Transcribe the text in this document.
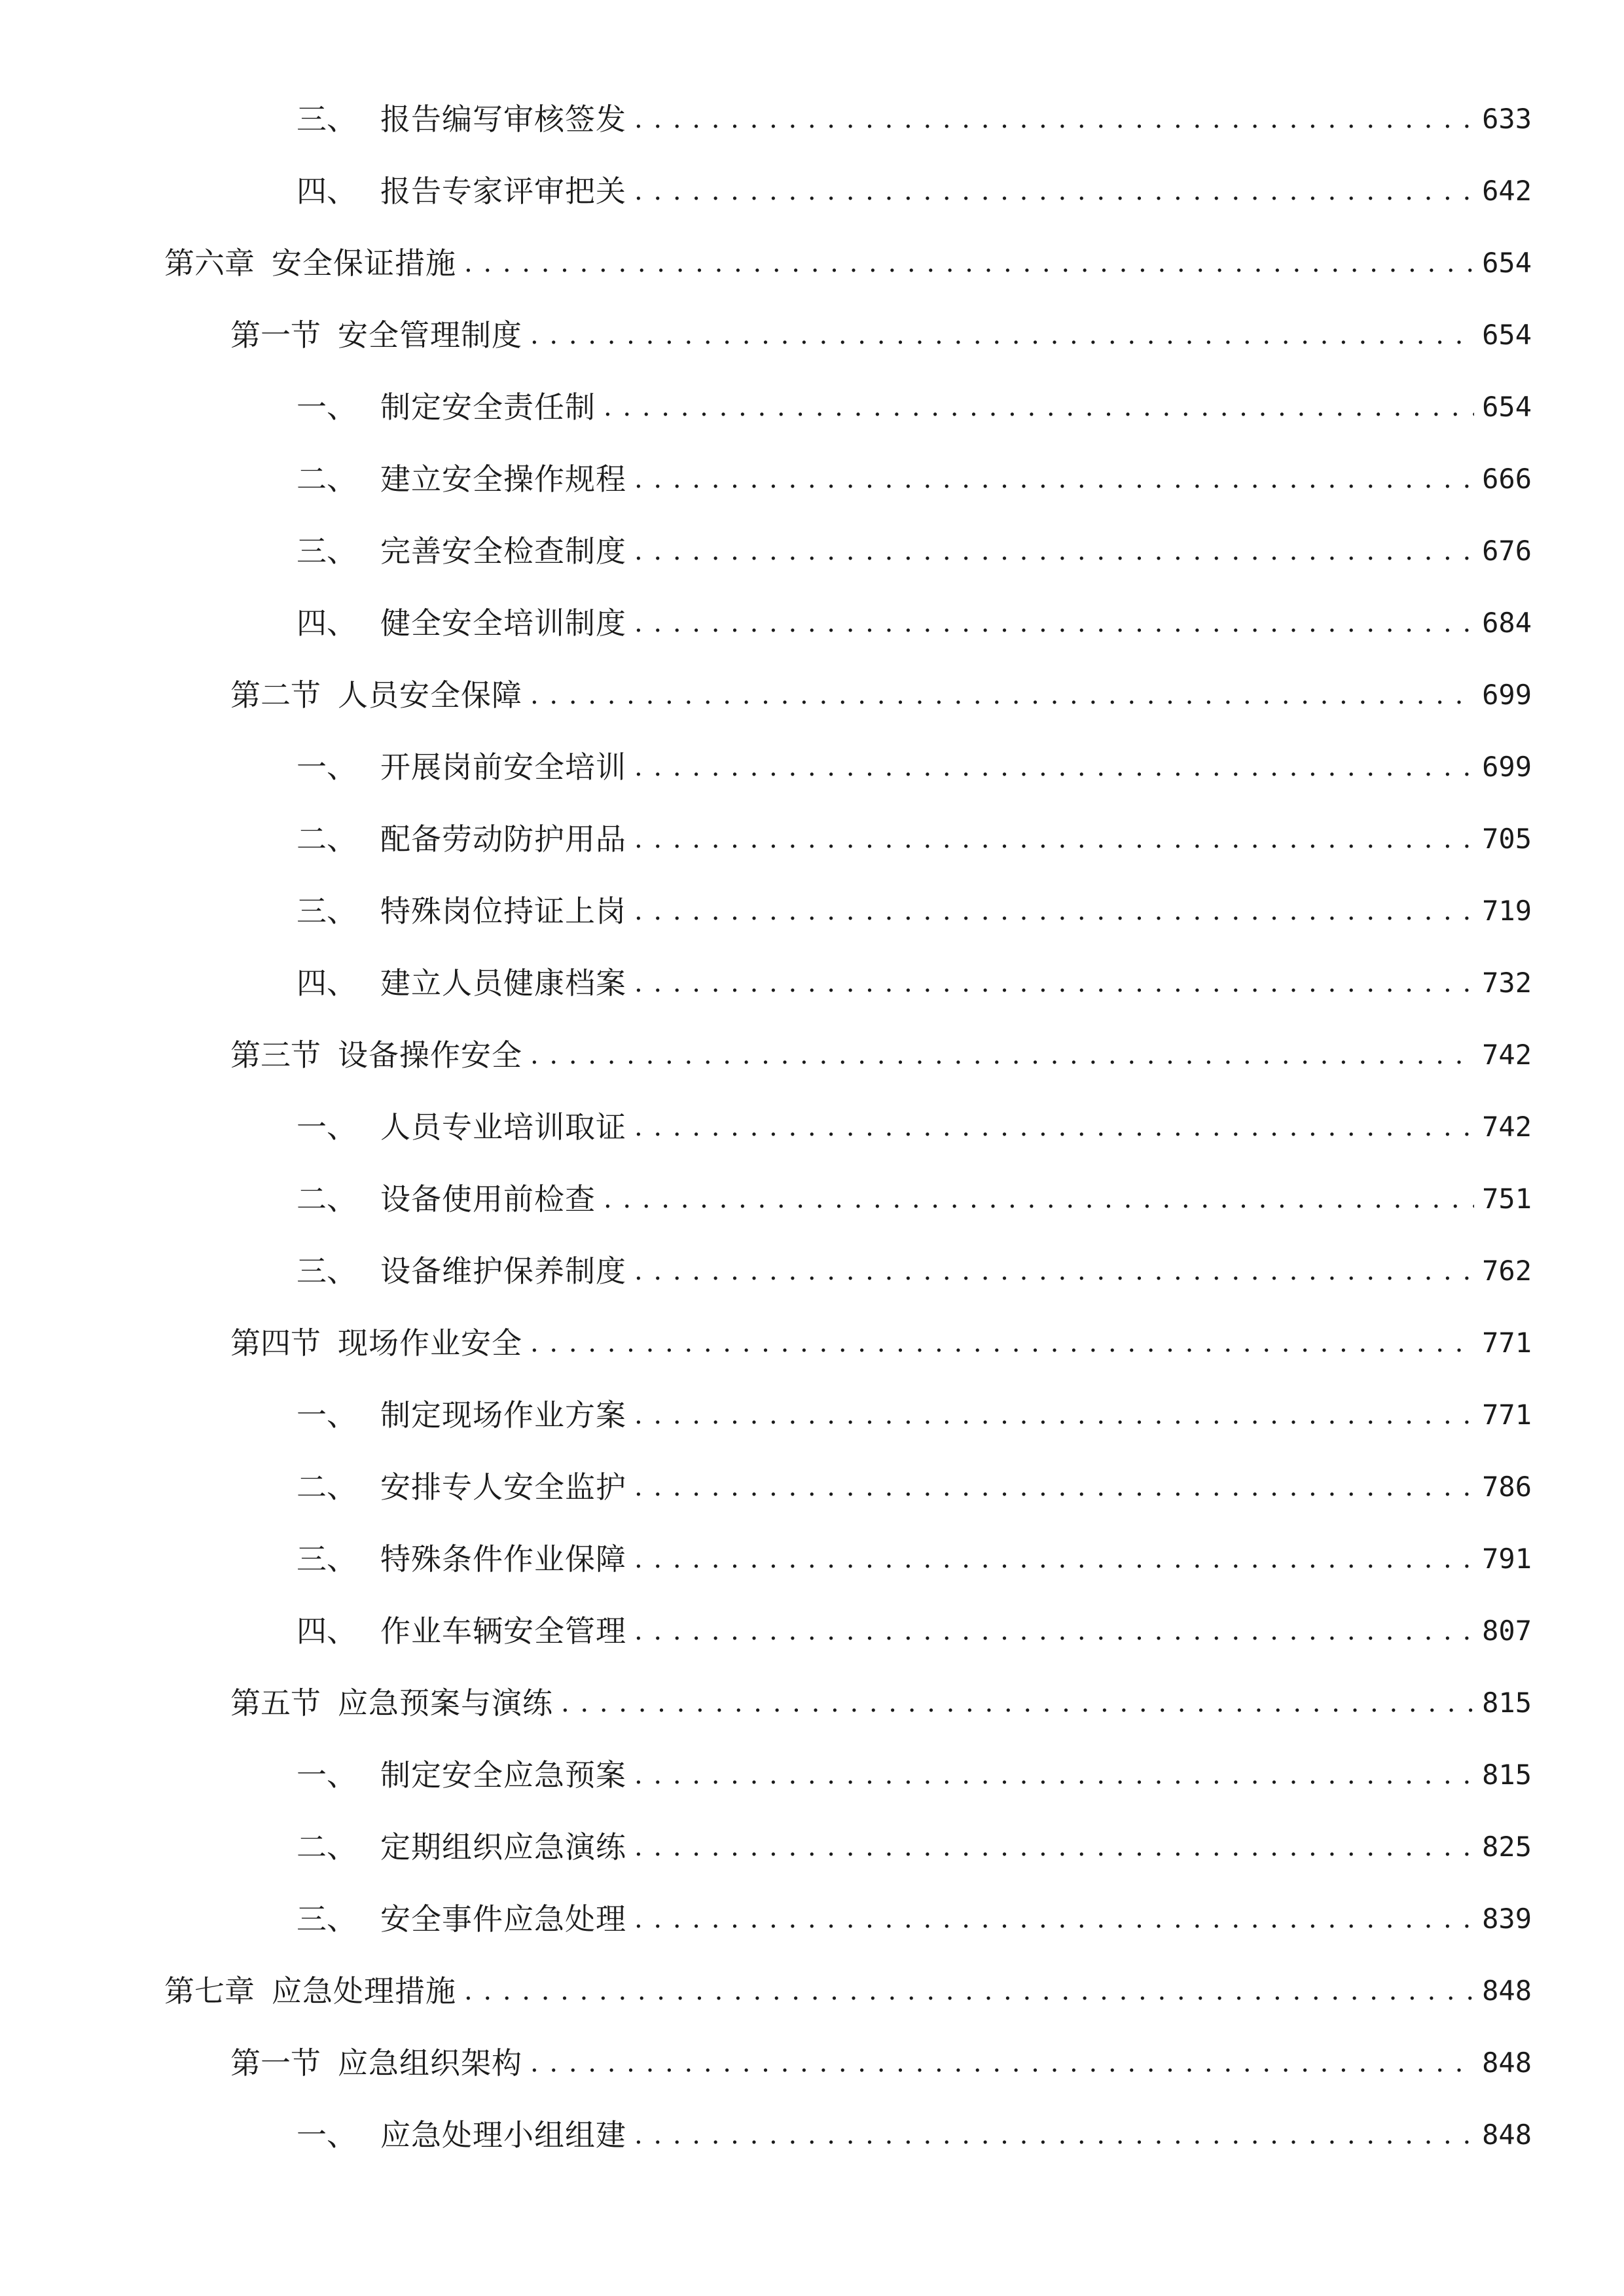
三、 报告编写审核签发 . . .	633
四、 报告专家评审把关 . . .	642
第六章 安全保证措施 . . .	654
第一节 安全管理制度 . . .	654
一、 制定安全责任制 . . .	654
二、 建立安全操作规程 . . .	666
三、 完善安全检查制度 . . .	676
四、 健全安全培训制度 . . .	684
第二节 人员安全保障 . . .	699
一、 开展岗前安全培训 . . .	699
二、 配备劳动防护用品 . . .	705
三、 特殊岗位持证上岗 . . .	719
四、 建立人员健康档案 . . .	732
第三节 设备操作安全 . . .	742
一、 人员专业培训取证 . . .	742
二、 设备使用前检查 . . .	751
三、 设备维护保养制度 . . .	762
第四节 现场作业安全 . . .	771
一、 制定现场作业方案 . . .	771
二、 安排专人安全监护 . . .	786
三、 特殊条件作业保障 . . .	791
四、 作业车辆安全管理 . . .	807
第五节 应急预案与演练 . . .	815
一、 制定安全应急预案 . . .	815
二、 定期组织应急演练 . . .	825
三、 安全事件应急处理 . . .	839
第七章 应急处理措施 . . .	848
第一节 应急组织架构 . . .	848
一、 应急处理小组组建 . . .	848
